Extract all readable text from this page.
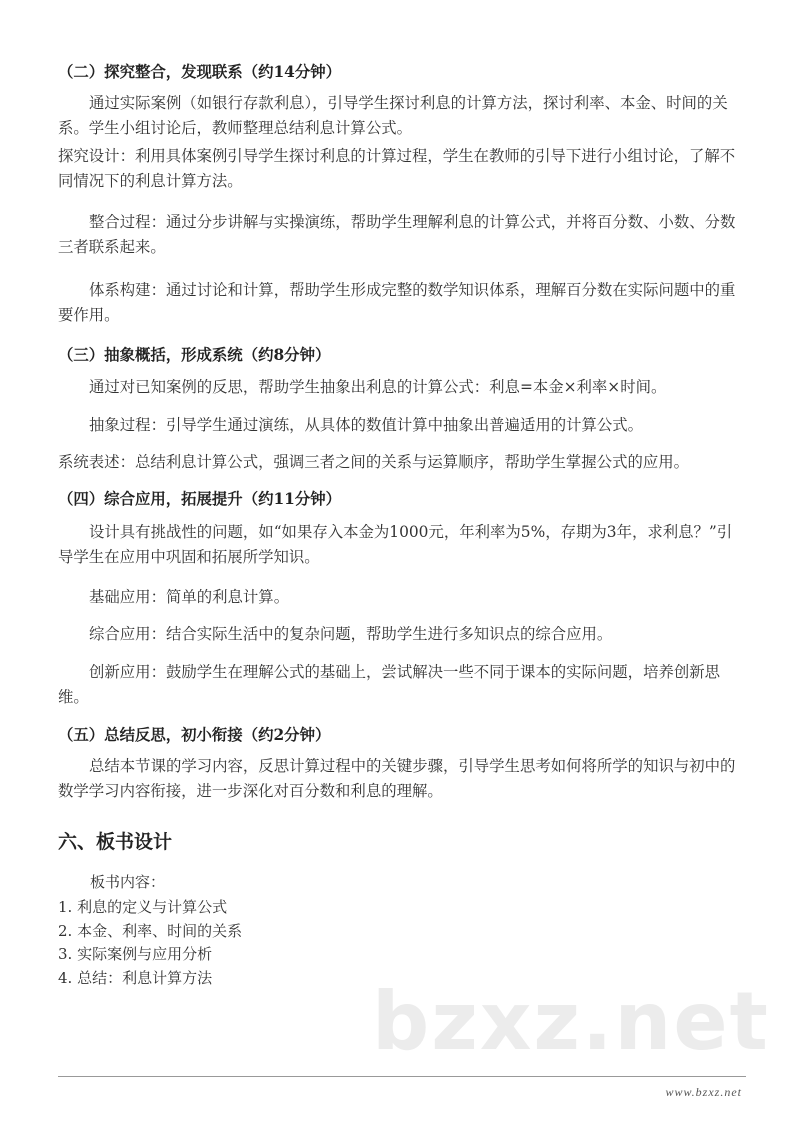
（二）探究整合，发现联系（约14分钟）

通过实际案例（如银行存款利息），引导学生探讨利息的计算方法，探讨利率、本金、时间的关系。学生小组讨论后，教师整理总结利息计算公式。

探究设计：利用具体案例引导学生探讨利息的计算过程，学生在教师的引导下进行小组讨论，了解不同情况下的利息计算方法。

整合过程：通过分步讲解与实操演练，帮助学生理解利息的计算公式，并将百分数、小数、分数三者联系起来。

体系构建：通过讨论和计算，帮助学生形成完整的数学知识体系，理解百分数在实际问题中的重要作用。

（三）抽象概括，形成系统（约8分钟）

通过对已知案例的反思，帮助学生抽象出利息的计算公式：利息=本金×利率×时间。

抽象过程：引导学生通过演练，从具体的数值计算中抽象出普遍适用的计算公式。

系统表述：总结利息计算公式，强调三者之间的关系与运算顺序，帮助学生掌握公式的应用。

（四）综合应用，拓展提升（约11分钟）

设计具有挑战性的问题，如“如果存入本金为1000元，年利率为5%，存期为3年，求利息？”引导学生在应用中巩固和拓展所学知识。

基础应用：简单的利息计算。

综合应用：结合实际生活中的复杂问题，帮助学生进行多知识点的综合应用。

创新应用：鼓励学生在理解公式的基础上，尝试解决一些不同于课本的实际问题，培养创新思维。

（五）总结反思，初小衔接（约2分钟）

总结本节课的学习内容，反思计算过程中的关键步骤，引导学生思考如何将所学的知识与初中的数学学习内容衔接，进一步深化对百分数和利息的理解。

六、板书设计
板书内容：
1. 利息的定义与计算公式
2. 本金、利率、时间的关系
3. 实际案例与应用分析
4. 总结：利息计算方法 bzxz.net
www.bzxz.net
